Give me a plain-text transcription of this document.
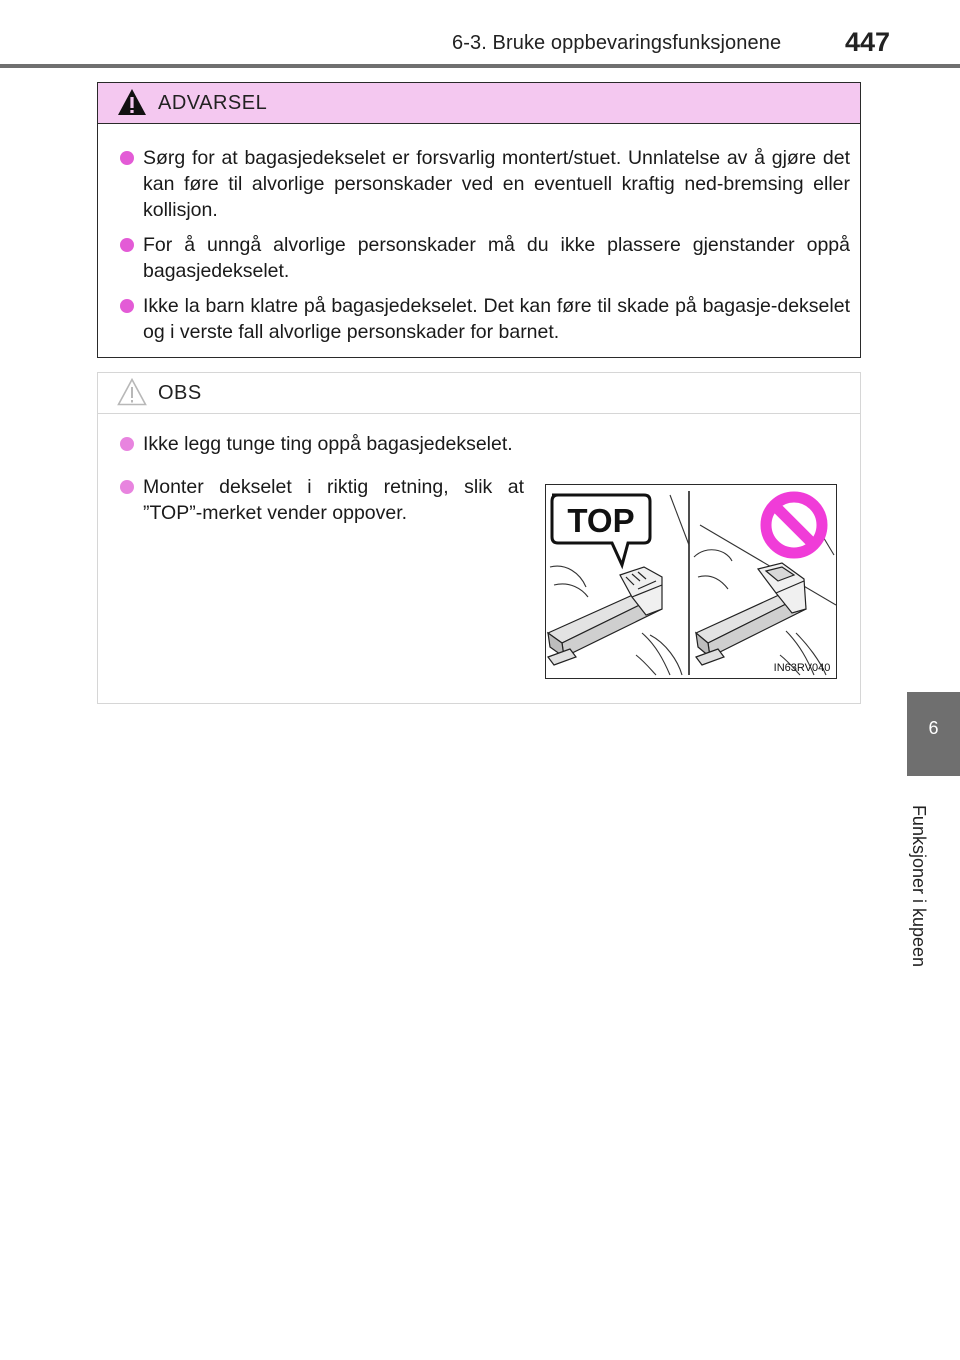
6-3. Bruke oppbevaringsfunksjonene 447
6
Funksjoner i kupeen
ADVARSEL
Sørg for at bagasjedekselet er forsvarlig montert/stuet. Unnlatelse av å gjøre det kan føre til alvorlige personskader ved en eventuell kraftig ned-bremsing eller kollisjon.
For å unngå alvorlige personskader må du ikke plassere gjenstander oppå bagasjedekselet.
Ikke la barn klatre på bagasjedekselet. Det kan føre til skade på bagasje-dekselet og i verste fall alvorlige personskader for barnet.
OBS
Ikke legg tunge ting oppå bagasjedekselet.
Monter dekselet i riktig retning, slik at ”TOP”-merket vender oppover.	TOP
IN63RV040
